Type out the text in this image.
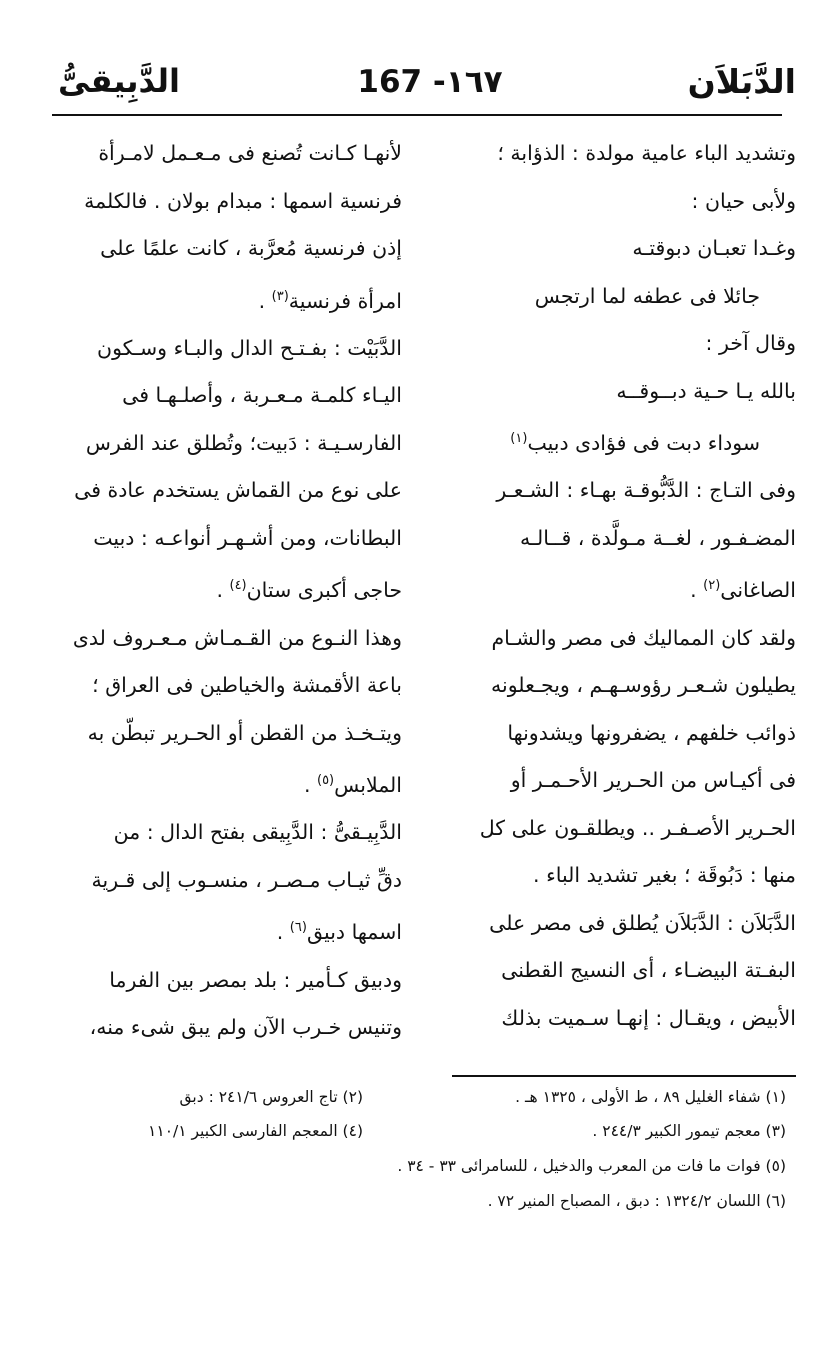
الدَّبَلاَن
167 -١٦٧
الدَّبِيقىُّ

وتشديد الباء عامية مولدة : الذؤابة ؛

ولأبى حيان :

وغـدا تعبـان دبوقتـه

جائلا فى عطفه لما ارتجس

وقال آخر :

بالله يـا حـية دبــوقــه

سوداء دبت فى فؤادى دبيب$^{(١)}$

وفى التـاج : الدَّبُّوقـة بهـاء : الشـعـر

المضـفـور ، لغــة مـولَّدة ، قــالـه

الصاغانى$^{(٢)}$ .

ولقد كان المماليك فى مصر والشـام

يطيلون شـعـر رؤوسـهـم ، ويجـعلونه

ذوائب خلفهم ، يضفرونها ويشدونها

فى أكيـاس من الحـرير الأحـمـر أو

الحـرير الأصـفـر .. ويطلقـون على كل

منها : دَبُوقَة ؛ بغير تشديد الباء .

الدَّبَلاَن : الدَّبَلاَن يُطلق فى مصر على

البفـتة البيضـاء ، أى النسيج القطنى

الأبيض ، ويقـال : إنهـا سـميت بذلك

لأنهـا كـانت تُصنع فى مـعـمل لامـرأة

فرنسية اسمها : مبدام بولان . فالكلمة

إذن فرنسية مُعرَّبة ، كانت علمًا على

امرأة فرنسية$^{(٣)}$ .

الدَّبَيْت : بفـتـح الدال والبـاء وسـكون

اليـاء كلمـة مـعـربة ، وأصلـهـا فى

الفارسـيـة : دَبيت؛ وتُطلق عند الفرس

على نوع من القماش يستخدم عادة فى

البطانات، ومن أشـهـر أنواعـه : دبيت

حاجى أكبرى ستان$^{(٤)}$ .

وهذا النـوع من القـمـاش مـعـروف لدى

باعة الأقمشة والخياطين فى العراق ؛

ويتـخـذ من القطن أو الحـرير تبطّن به

الملابس$^{(٥)}$ .

الدَّبِيـقىُّ : الدَّبِيقى بفتح الدال : من

دقِّ ثيـاب مـصـر ، منسـوب إلى قـرية

اسمها دبيق$^{(٦)}$ .

ودبيق كـأمير : بلد بمصر بين الفرما

وتنيس خـرب الآن ولم يبق شىء منه،

(١) شفاء الغليل ٨٩ ، ط الأولى ، ١٣٢٥ هـ .
(٢) تاج العروس ٢٤١/٦ : دبق
(٣) معجم تيمور الكبير ٢٤٤/٣ .
(٤) المعجم الفارسى الكبير ١١٠/١
(٥) فوات ما فات من المعرب والدخيل ، للسامرائى ٣٣ - ٣٤ .
(٦) اللسان ١٣٢٤/٢ : دبق ، المصباح المنير ٧٢ .
